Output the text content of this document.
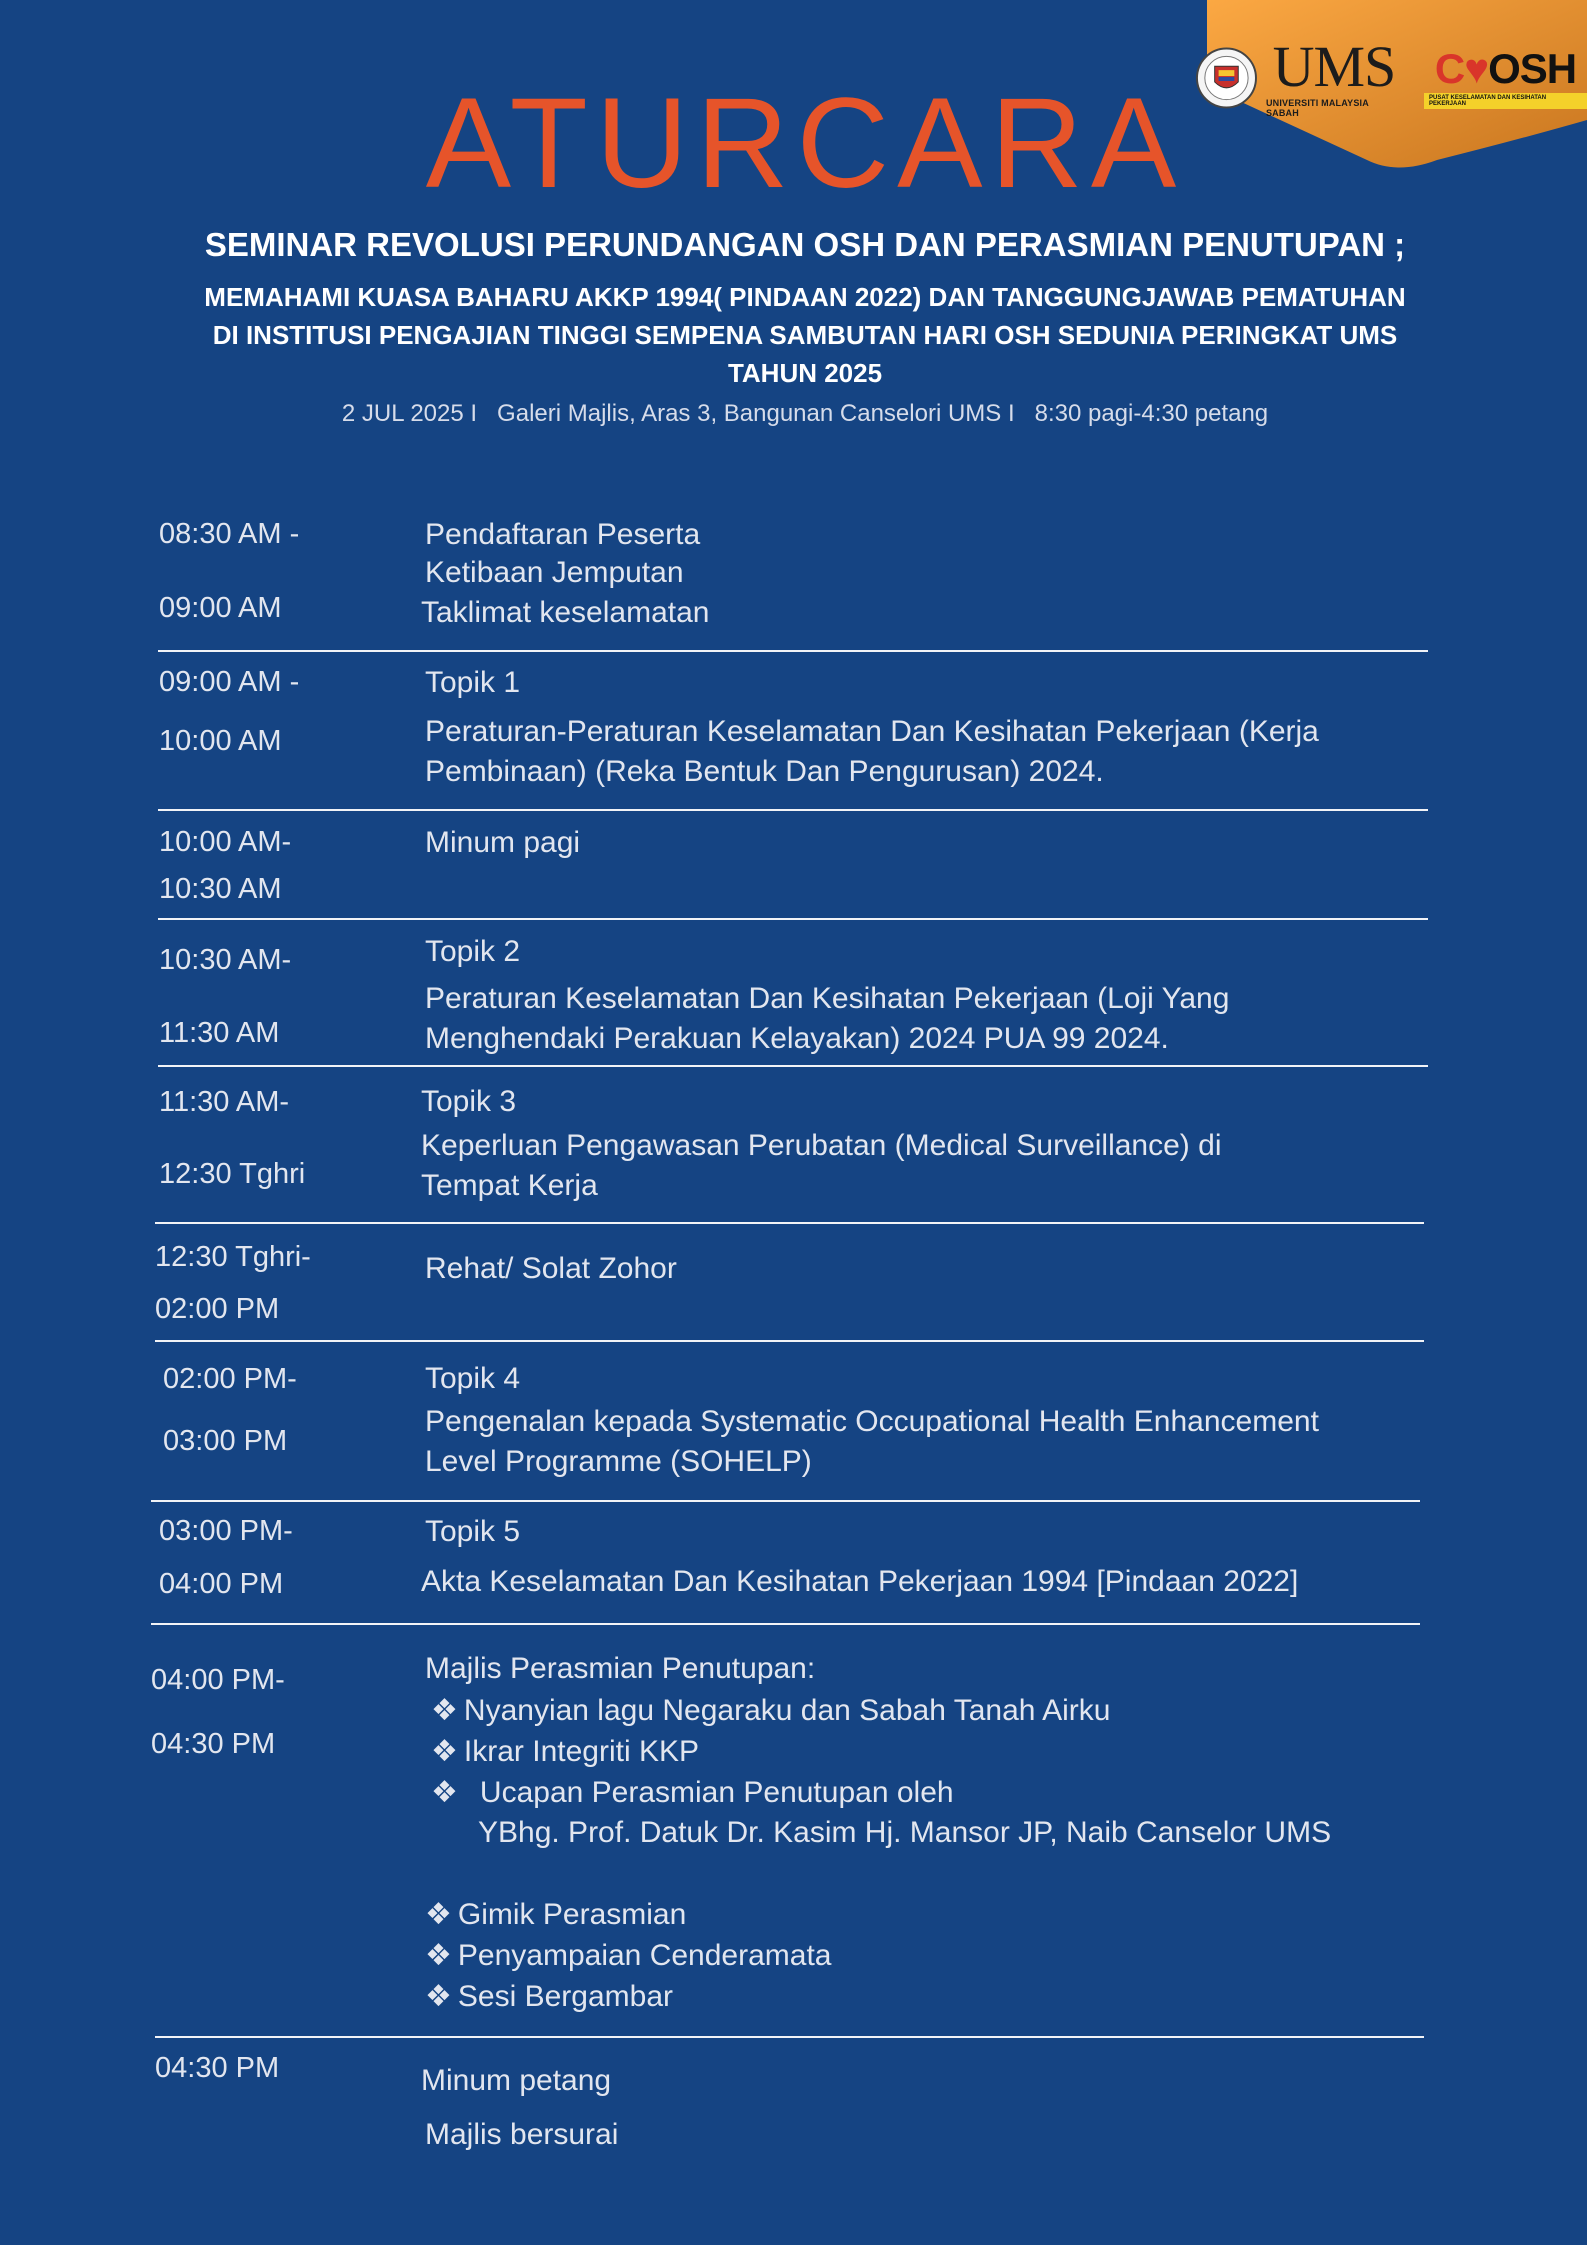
UMS
UNIVERSITI MALAYSIA SABAH
C♥OSH
PUSAT KESELAMATAN DAN KESIHATAN PEKERJAAN
ATURCARA
SEMINAR REVOLUSI PERUNDANGAN OSH DAN PERASMIAN PENUTUPAN ;
MEMAHAMI KUASA BAHARU AKKP 1994( PINDAAN 2022) DAN TANGGUNGJAWAB PEMATUHAN
DI INSTITUSI PENGAJIAN TINGGI SEMPENA SAMBUTAN HARI OSH SEDUNIA PERINGKAT UMS
TAHUN 2025
2 JUL 2025 I   Galeri Majlis, Aras 3, Bangunan Canselori UMS I   8:30 pagi-4:30 petang
08:30 AM -
09:00 AM
Pendaftaran Peserta
Ketibaan Jemputan
Taklimat keselamatan
09:00 AM -
10:00 AM
Topik 1
Peraturan-Peraturan Keselamatan Dan Kesihatan Pekerjaan (Kerja
Pembinaan) (Reka Bentuk Dan Pengurusan) 2024.
10:00 AM-
10:30 AM
Minum pagi
10:30 AM-
11:30 AM
Topik 2
Peraturan Keselamatan Dan Kesihatan Pekerjaan (Loji Yang
Menghendaki Perakuan Kelayakan) 2024 PUA 99 2024.
11:30 AM-
12:30 Tghri
Topik 3
Keperluan Pengawasan Perubatan (Medical Surveillance) di
Tempat Kerja
12:30 Tghri-
02:00 PM
Rehat/ Solat Zohor
02:00 PM-
03:00 PM
Topik 4
Pengenalan kepada Systematic Occupational Health Enhancement
Level Programme (SOHELP)
03:00 PM-
04:00 PM
Topik 5
Akta Keselamatan Dan Kesihatan Pekerjaan 1994 [Pindaan 2022]
04:00 PM-
04:30 PM
Majlis Perasmian Penutupan:
❖ Nyanyian lagu Negaraku dan Sabah Tanah Airku
❖ Ikrar Integriti KKP
❖ Ucapan Perasmian Penutupan oleh
YBhg. Prof. Datuk Dr. Kasim Hj. Mansor JP, Naib Canselor UMS
❖ Gimik Perasmian
❖ Penyampaian Cenderamata
❖ Sesi Bergambar
04:30 PM	Minum petang
Majlis bersurai
